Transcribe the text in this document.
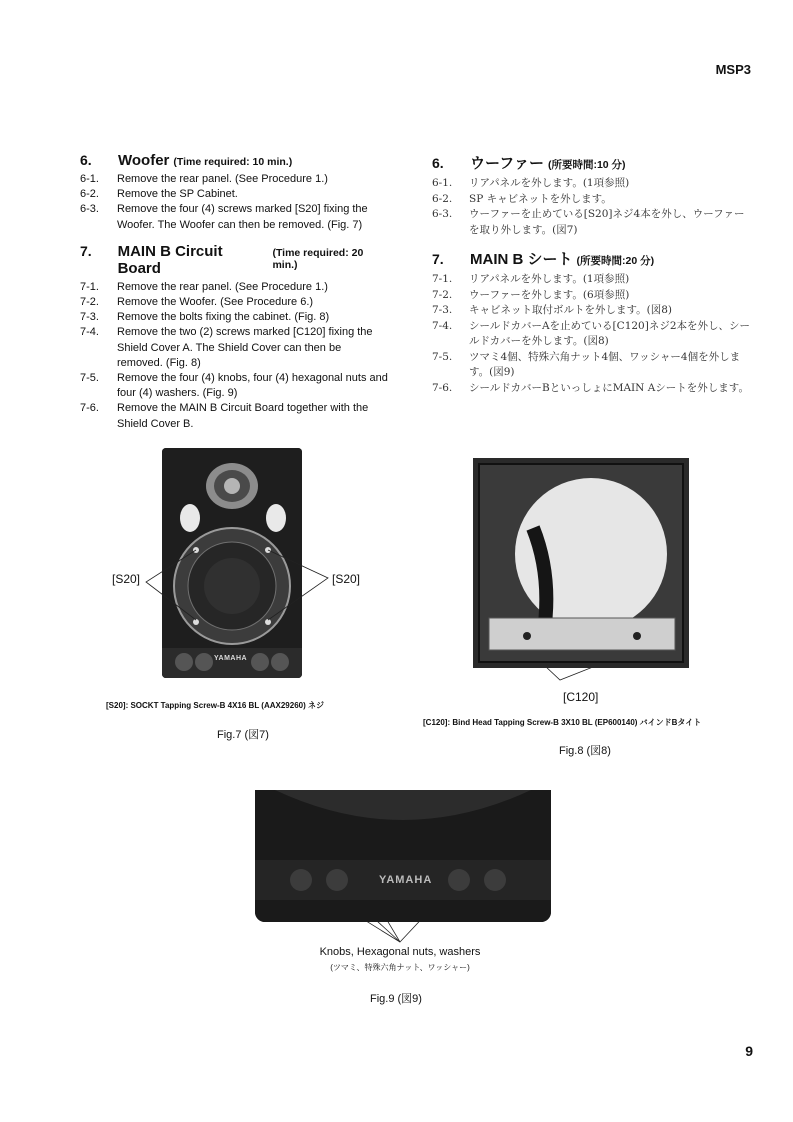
MSP3
6.	Woofer (Time required: 10 min.)
6-1.	Remove the rear panel. (See Procedure 1.)
6-2.	Remove the SP Cabinet.
6-3.	Remove the four (4) screws marked [S20] fixing the Woofer. The Woofer can then be removed. (Fig. 7)
7.	MAIN B Circuit Board
(Time required: 20 min.)
7-1.	Remove the rear panel. (See Procedure 1.)
7-2.	Remove the Woofer. (See Procedure 6.)
7-3.	Remove the bolts fixing the cabinet. (Fig. 8)
7-4.	Remove the two (2) screws marked [C120] fixing the Shield Cover A. The Shield Cover can then be removed. (Fig. 8)
7-5.	Remove the four (4) knobs, four (4) hexagonal nuts and four (4) washers. (Fig. 9)
7-6.	Remove the MAIN B Circuit Board together with the Shield Cover B.
6.	ウーファー (所要時間:10 分)
6-1.	リアパネルを外します。(1項参照)
6-2.	SP キャビネットを外します。
6-3.	ウーファーを止めている[S20]ネジ4本を外し、ウーファーを取り外します。(図7)
7.	MAIN B シート (所要時間:20 分)
7-1.	リアパネルを外します。(1項参照)
7-2.	ウーファーを外します。(6項参照)
7-3.	キャビネット取付ボルトを外します。(図8)
7-4.	シールドカバーAを止めている[C120]ネジ2本を外し、シールドカバーを外します。(図8)
7-5.	ツマミ4個、特殊六角ナット4個、ワッシャー4個を外します。(図9)
7-6.	シールドカバーBといっしょにMAIN Aシートを外します。
YAMAHA
[S20]	[S20]
[S20]: SOCKT Tapping Screw-B 4X16 BL (AAX29260) ネジ
Fig.7 (図7)
[C120]
[C120]: Bind Head Tapping Screw-B 3X10 BL (EP600140) バインドBタイト
Fig.8 (図8)
YAMAHA
Knobs, Hexagonal nuts, washers
(ツマミ、特殊六角ナット、ワッシャー)
Fig.9 (図9)
9
